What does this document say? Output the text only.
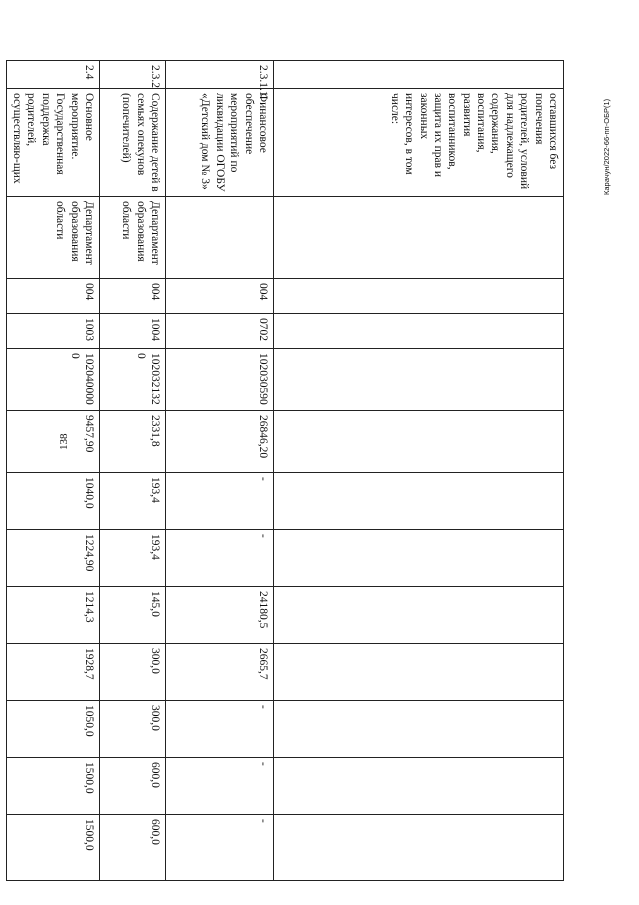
138
Карачун/2022-66-пп-ОБР(1)
	оставшихся без попечения родителей, условий для надлежащего содержания, воспитания, развития воспитанников, защита их прав и законных интересов, в том числе:												
2.3.1.1	Финансовое обеспечение мероприятий по ликвидации ОГОБУ «Детский дом № 3»		004	0702	102030590	26846,20	-	-	24180,5	2665,7	-	-	-
2.3.2	Содержание детей в семьях опекунов (попечителей)	Департамент образования области	004	1004	1020321320	2331,8	193,4	193,4	145,0	300,0	300,0	600,0	600,0
2.4	Основное мероприятие. Государственная поддержка родителей, осуществляю-щих	Департамент образования области	004	1003	1020400000	9457,90	1040,0	1224,90	1214,3	1928,7	1050,0	1500,0	1500,0
